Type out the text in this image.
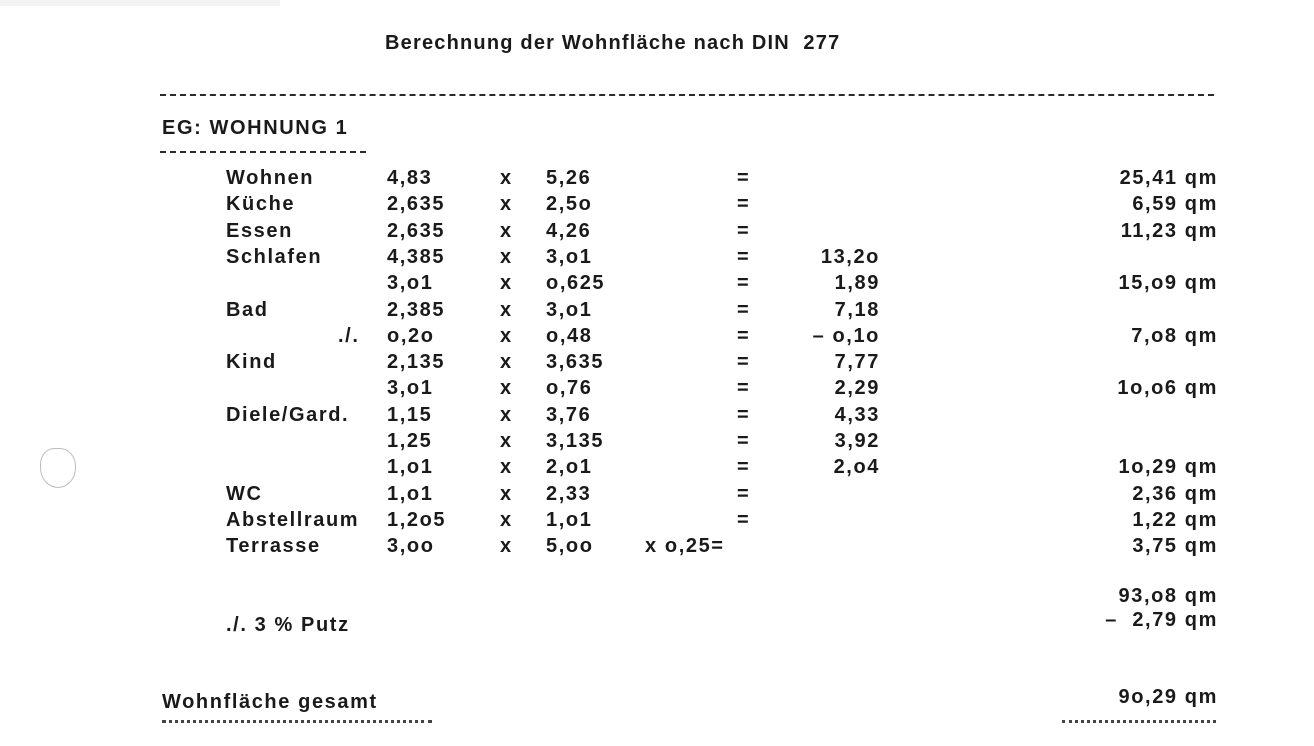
Berechnung der Wohnfläche nach DIN  277
EG: WOHNUNG 1
Wohnen	4,83	x 5,26	=	25,41 qm
Küche	2,635	x 2,5o	=	6,59 qm
Essen	2,635	x 4,26	=	11,23 qm
Schlafen	4,385	x 3,o1	=	13,2o
3,o1	x o,625	=	1,89	15,o9 qm
Bad	2,385	x 3,o1	=	7,18
./. o,2o	x o,48	=	– o,1o	7,o8 qm
Kind	2,135	x 3,635	=	7,77
3,o1	x o,76	=	2,29	1o,o6 qm
Diele/Gard. 1,15	x 3,76	=	4,33
1,25	x 3,135	=	3,92
1,o1	x 2,o1	=	2,o4	1o,29 qm
WC	1,o1	x 2,33	=	2,36 qm
Abstellraum 1,2o5	x 1,o1	=	1,22 qm
Terrasse	3,oo	x 5,oo	x o,25=	3,75 qm
93,o8 qm
./. 3 % Putz	–  2,79 qm
Wohnfläche gesamt	9o,29 qm
